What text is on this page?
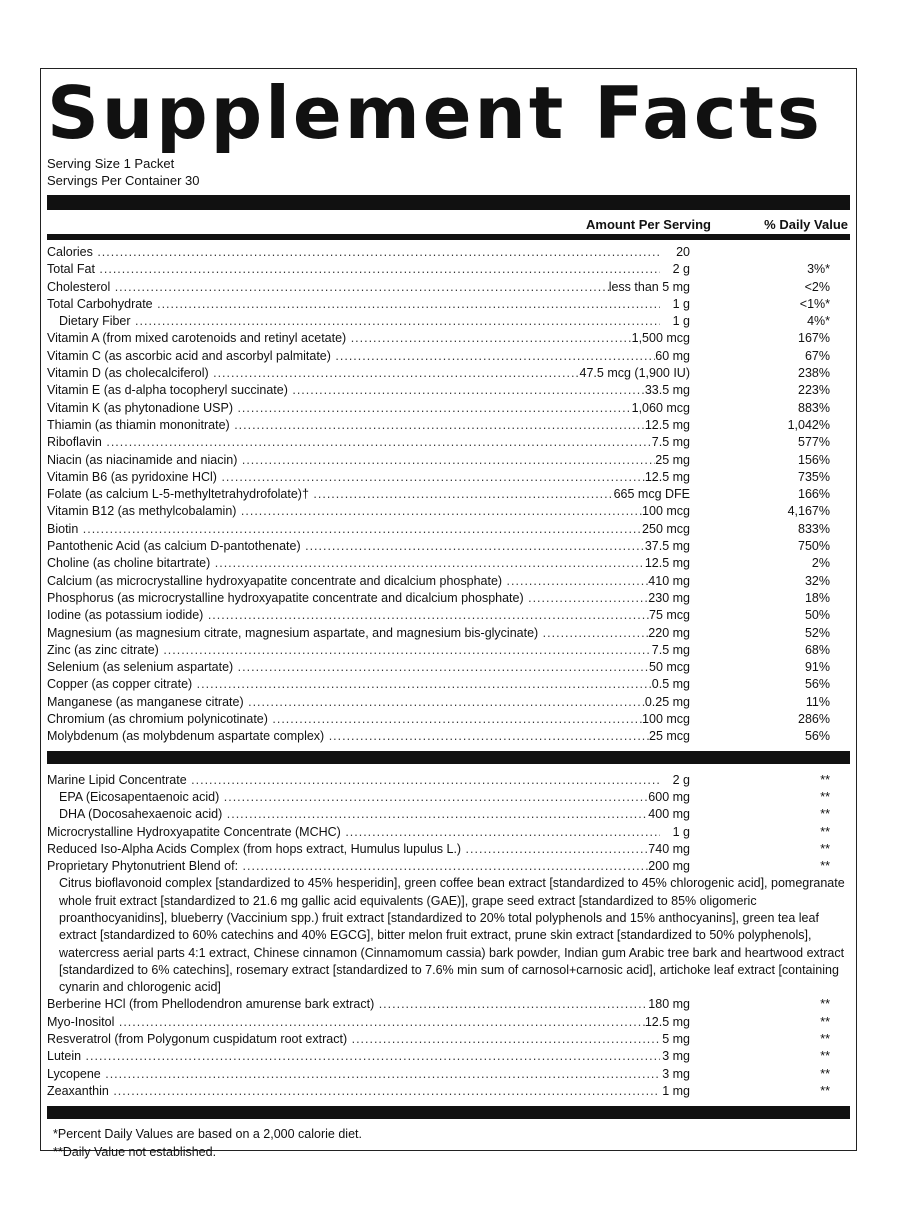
Supplement Facts
Serving Size 1 Packet
Servings Per Container 30
Amount Per Serving	% Daily Value
Calories .....	20
Total Fat .....	2 g	3%*
Cholesterol .....	less than 5 mg	<2%
Total Carbohydrate .....	1 g	<1%*
Dietary Fiber .....	1 g	4%*
Vitamin A (from mixed carotenoids and retinyl acetate) .....	1,500 mcg	167%
Vitamin C (as ascorbic acid and ascorbyl palmitate) .....	60 mg	67%
Vitamin D (as cholecalciferol) .....	47.5 mcg (1,900 IU)	238%
Vitamin E (as d-alpha tocopheryl succinate) .....	33.5 mg	223%
Vitamin K (as phytonadione USP) .....	1,060 mcg	883%
Thiamin (as thiamin mononitrate) .....	12.5 mg	1,042%
Riboflavin .....	7.5 mg	577%
Niacin (as niacinamide and niacin) .....	25 mg	156%
Vitamin B6 (as pyridoxine HCl) .....	12.5 mg	735%
Folate (as calcium L-5-methyltetrahydrofolate)† .....	665 mcg DFE	166%
Vitamin B12 (as methylcobalamin) .....	100 mcg	4,167%
Biotin .....	250 mcg	833%
Pantothenic Acid (as calcium D-pantothenate) .....	37.5 mg	750%
Choline (as choline bitartrate) .....	12.5 mg	2%
Calcium (as microcrystalline hydroxyapatite concentrate and dicalcium phosphate) .....	410 mg	32%
Phosphorus (as microcrystalline hydroxyapatite concentrate and dicalcium phosphate) .....	230 mg	18%
Iodine (as potassium iodide) .....	75 mcg	50%
Magnesium (as magnesium citrate, magnesium aspartate, and magnesium bis-glycinate) .....	220 mg	52%
Zinc (as zinc citrate) .....	7.5 mg	68%
Selenium (as selenium aspartate) .....	50 mcg	91%
Copper (as copper citrate) .....	0.5 mg	56%
Manganese (as manganese citrate) .....	0.25 mg	11%
Chromium (as chromium polynicotinate) .....	100 mcg	286%
Molybdenum (as molybdenum aspartate complex) .....	25 mcg	56%
Marine Lipid Concentrate .....	2 g	**
EPA (Eicosapentaenoic acid) .....	600 mg	**
DHA (Docosahexaenoic acid) .....	400 mg	**
Microcrystalline Hydroxyapatite Concentrate (MCHC) .....	1 g	**
Reduced Iso-Alpha Acids Complex (from hops extract, Humulus lupulus L.) .....	740 mg	**
Proprietary Phytonutrient Blend of: .....	200 mg	**
Citrus bioflavonoid complex [standardized to 45% hesperidin], green coffee bean extract [standardized to 45% chlorogenic acid], pomegranate whole fruit extract [standardized to 21.6 mg gallic acid equivalents (GAE)], grape seed extract [standardized to 85% oligomeric proanthocyanidins], blueberry (Vaccinium spp.) fruit extract [standardized to 20% total polyphenols and 15% anthocyanins], green tea leaf extract [standardized to 60% catechins and 40% EGCG], bitter melon fruit extract, prune skin extract [standardized to 50% polyphenols], watercress aerial parts 4:1 extract, Chinese cinnamon (Cinnamomum cassia) bark powder, Indian gum Arabic tree bark and heartwood extract [standardized to 6% catechins], rosemary extract [standardized to 7.6% min sum of carnosol+carnosic acid], artichoke leaf extract [containing cynarin and chlorogenic acid]
Berberine HCl (from Phellodendron amurense bark extract) .....	180 mg	**
Myo-Inositol .....	12.5 mg	**
Resveratrol (from Polygonum cuspidatum root extract) .....	5 mg	**
Lutein .....	3 mg	**
Lycopene .....	3 mg	**
Zeaxanthin .....	1 mg	**
*Percent Daily Values are based on a 2,000 calorie diet.
**Daily Value not established.
